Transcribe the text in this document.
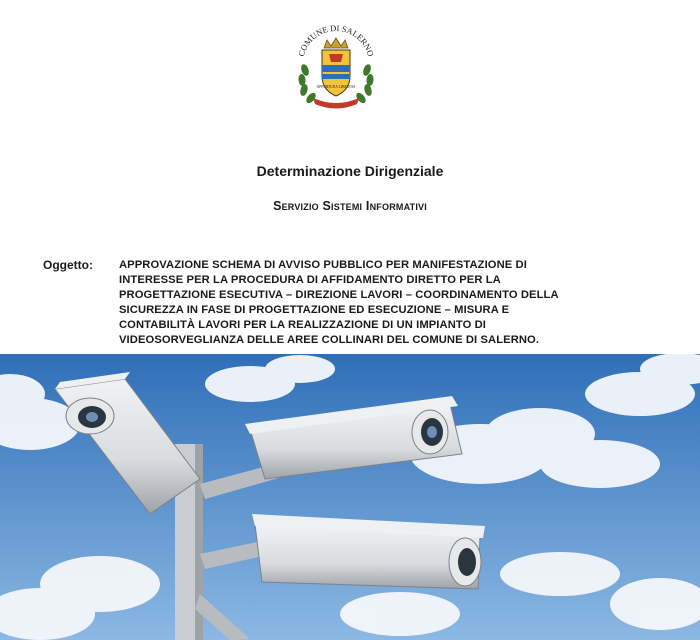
COMUNE DI SALERNO
OPPORTUNA LIBERTAS
Determinazione Dirigenziale
Servizio Sistemi Informativi
Oggetto: APPROVAZIONE SCHEMA DI AVVISO PUBBLICO PER MANIFESTAZIONE DI
INTERESSE PER LA PROCEDURA DI AFFIDAMENTO DIRETTO PER LA
PROGETTAZIONE ESECUTIVA – DIREZIONE LAVORI – COORDINAMENTO DELLA
SICUREZZA IN FASE DI PROGETTAZIONE ED ESECUZIONE – MISURA E
CONTABILITÀ LAVORI PER LA REALIZZAZIONE DI UN IMPIANTO DI
VIDEOSORVEGLIANZA DELLE AREE COLLINARI DEL COMUNE DI SALERNO.
